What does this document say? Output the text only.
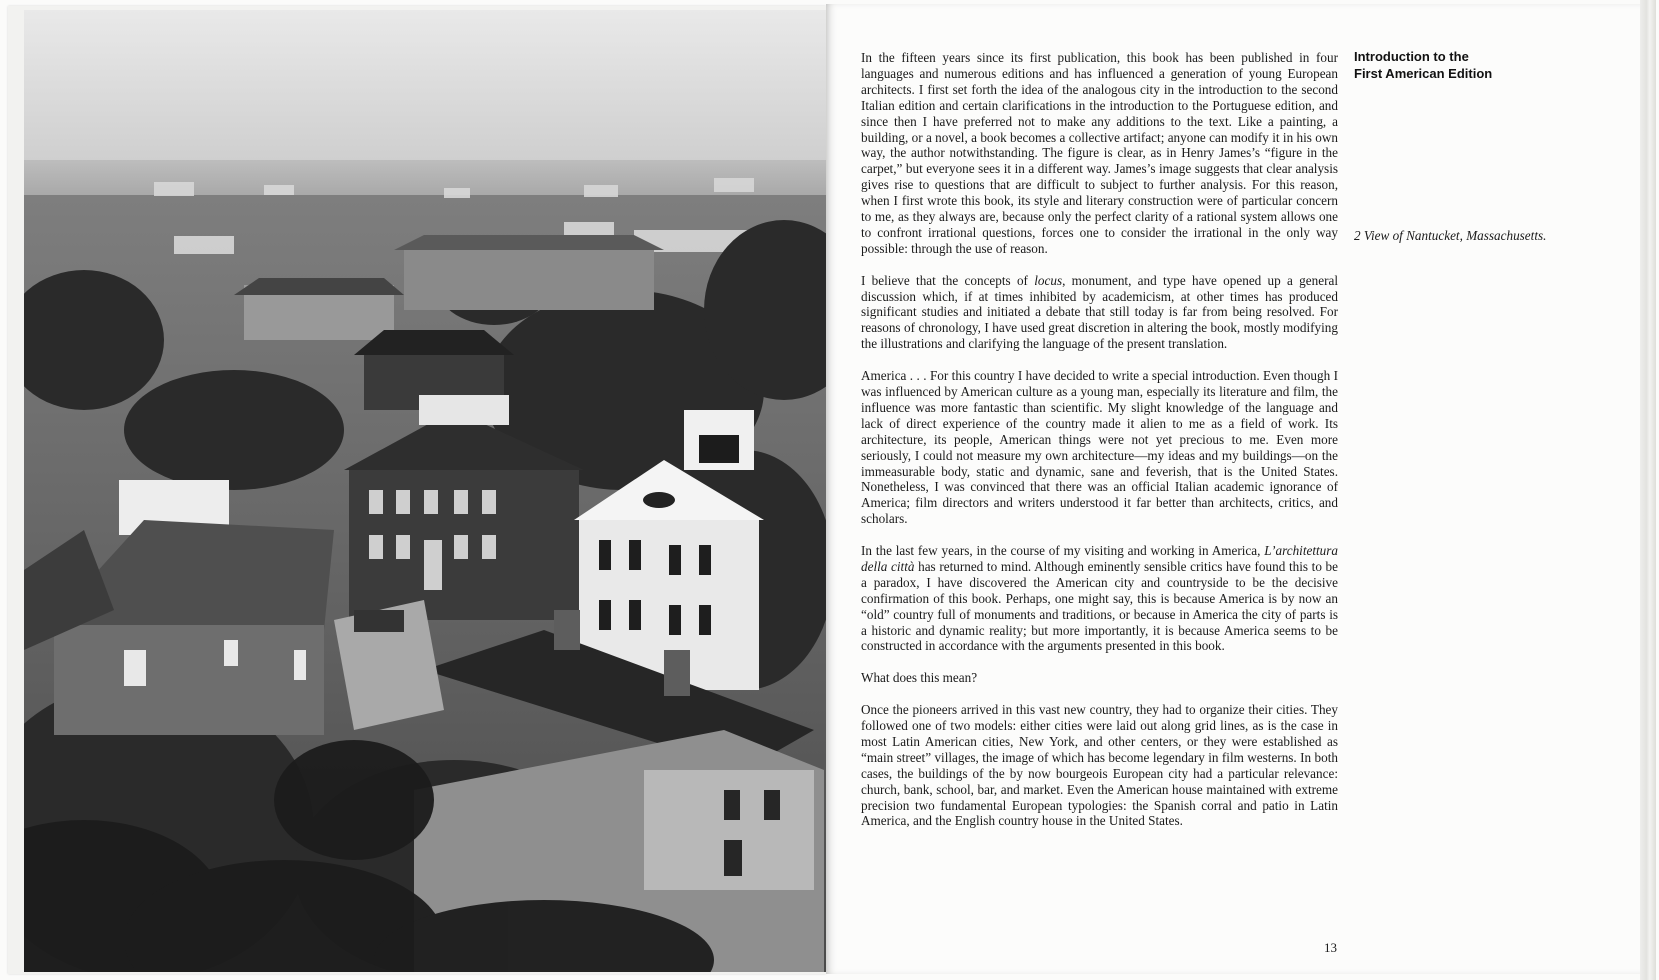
In the fifteen years since its first publication, this book has been published in four languages and numerous editions and has influenced a generation of young European architects. I first set forth the idea of the analogous city in the introduction to the second Italian edition and certain clarifications in the introduction to the Portuguese edition, and since then I have preferred not to make any additions to the text. Like a painting, a building, or a novel, a book becomes a collective artifact; anyone can modify it in his own way, the author notwithstanding. The figure is clear, as in Henry James’s “figure in the carpet,” but everyone sees it in a different way. James’s image suggests that clear analysis gives rise to questions that are difficult to subject to further analysis. For this reason, when I first wrote this book, its style and literary construction were of particular concern to me, as they always are, because only the perfect clarity of a rational system allows one to confront irrational questions, forces one to consider the irrational in the only way possible: through the use of reason.

I believe that the concepts of locus, monument, and type have opened up a general discussion which, if at times inhibited by academicism, at other times has produced significant studies and initiated a debate that still today is far from being resolved. For reasons of chronology, I have used great discretion in altering the book, mostly modifying the illustrations and clarifying the language of the present translation.

America . . . For this country I have decided to write a special introduction. Even though I was influenced by American culture as a young man, especially its literature and film, the influence was more fantastic than scientific. My slight knowledge of the language and lack of direct experience of the country made it alien to me as a field of work. Its architecture, its people, American things were not yet precious to me. Even more seriously, I could not measure my own architecture—my ideas and my buildings—on the immeasurable body, static and dynamic, sane and feverish, that is the United States. Nonetheless, I was convinced that there was an official Italian academic ignorance of America; film directors and writers understood it far better than architects, critics, and scholars.

In the last few years, in the course of my visiting and working in America, L’architettura della città has returned to mind. Although eminently sensible critics have found this to be a paradox, I have discovered the American city and countryside to be the decisive confirmation of this book. Perhaps, one might say, this is because America is by now an “old” country full of monuments and traditions, or because in America the city of parts is a historic and dynamic reality; but more importantly, it is because America seems to be constructed in accordance with the arguments presented in this book.

What does this mean?

Once the pioneers arrived in this vast new country, they had to organize their cities. They followed one of two models: either cities were laid out along grid lines, as is the case in most Latin American cities, New York, and other centers, or they were established as “main street” villages, the image of which has become legendary in film westerns. In both cases, the buildings of the by now bourgeois European city had a particular relevance: church, bank, school, bar, and market. Even the American house maintained with extreme precision two fundamental European typologies: the Spanish corral and patio in Latin America, and the English country house in the United States.

Introduction to the
First American Edition
2 View of Nantucket, Massachusetts.
13
